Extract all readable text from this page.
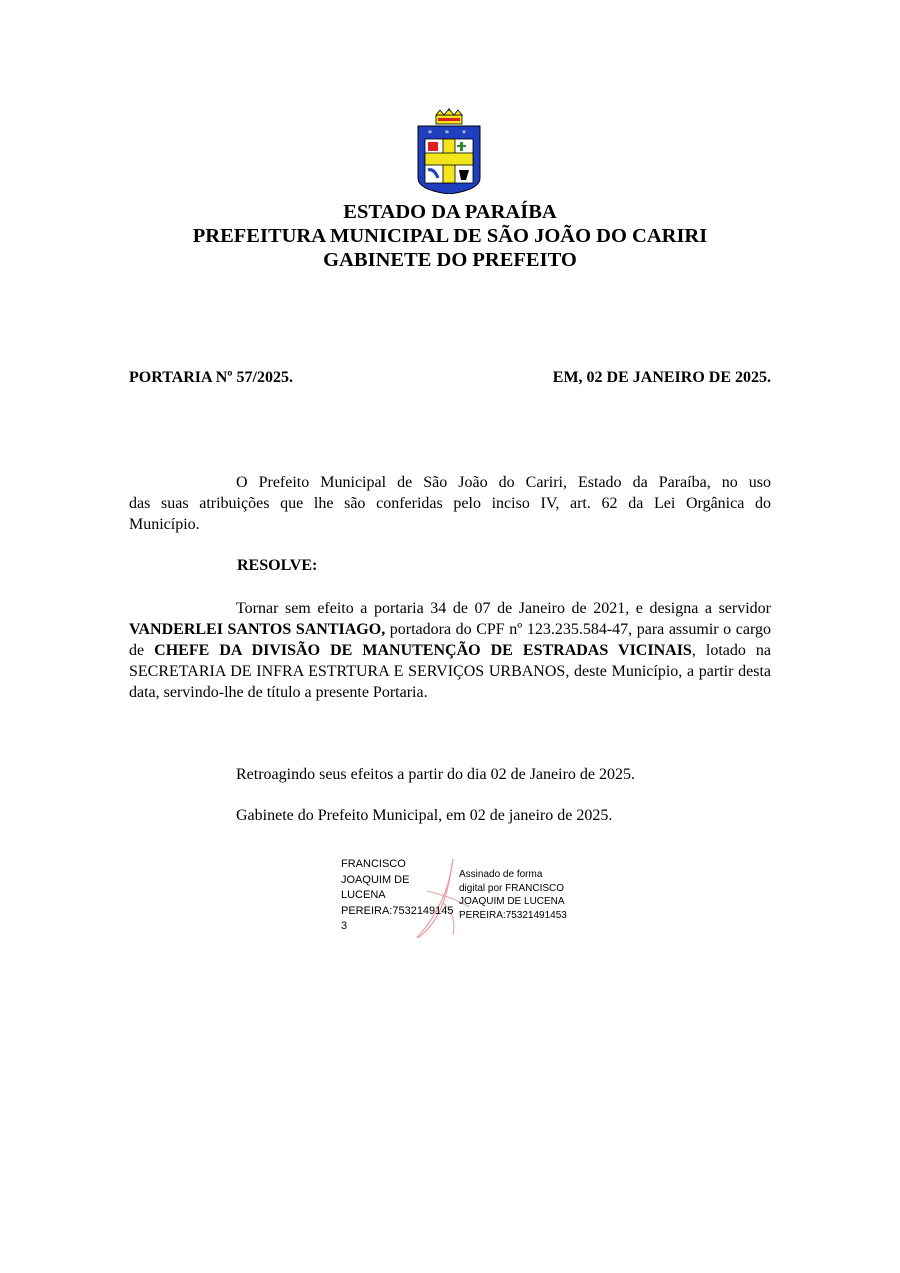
* * *
ESTADO DA PARAÍBA
PREFEITURA MUNICIPAL DE SÃO JOÃO DO CARIRI
GABINETE DO PREFEITO
PORTARIA Nº 57/2025.	EM, 02 DE JANEIRO DE 2025.
O Prefeito Municipal de São João do Cariri, Estado da Paraíba, no uso
das suas atribuições que lhe são conferidas pelo inciso IV, art. 62 da Lei Orgânica do
Município.
RESOLVE:
Tornar sem efeito a portaria 34 de 07 de Janeiro de 2021, e designa a servidor VANDERLEI SANTOS SANTIAGO, portadora do CPF nº 123.235.584-47, para assumir o cargo de CHEFE DA DIVISÃO DE MANUTENÇÃO DE ESTRADAS VICINAIS, lotado na SECRETARIA DE INFRA ESTRTURA E SERVIÇOS URBANOS, deste Município, a partir desta data, servindo-lhe de título a presente Portaria.
Retroagindo seus efeitos a partir do dia 02 de Janeiro de 2025.
Gabinete do Prefeito Municipal, em 02 de janeiro de 2025.
FRANCISCO
JOAQUIM DE
LUCENA
PEREIRA:7532149145
3
Assinado de forma
digital por FRANCISCO
JOAQUIM DE LUCENA
PEREIRA:75321491453
